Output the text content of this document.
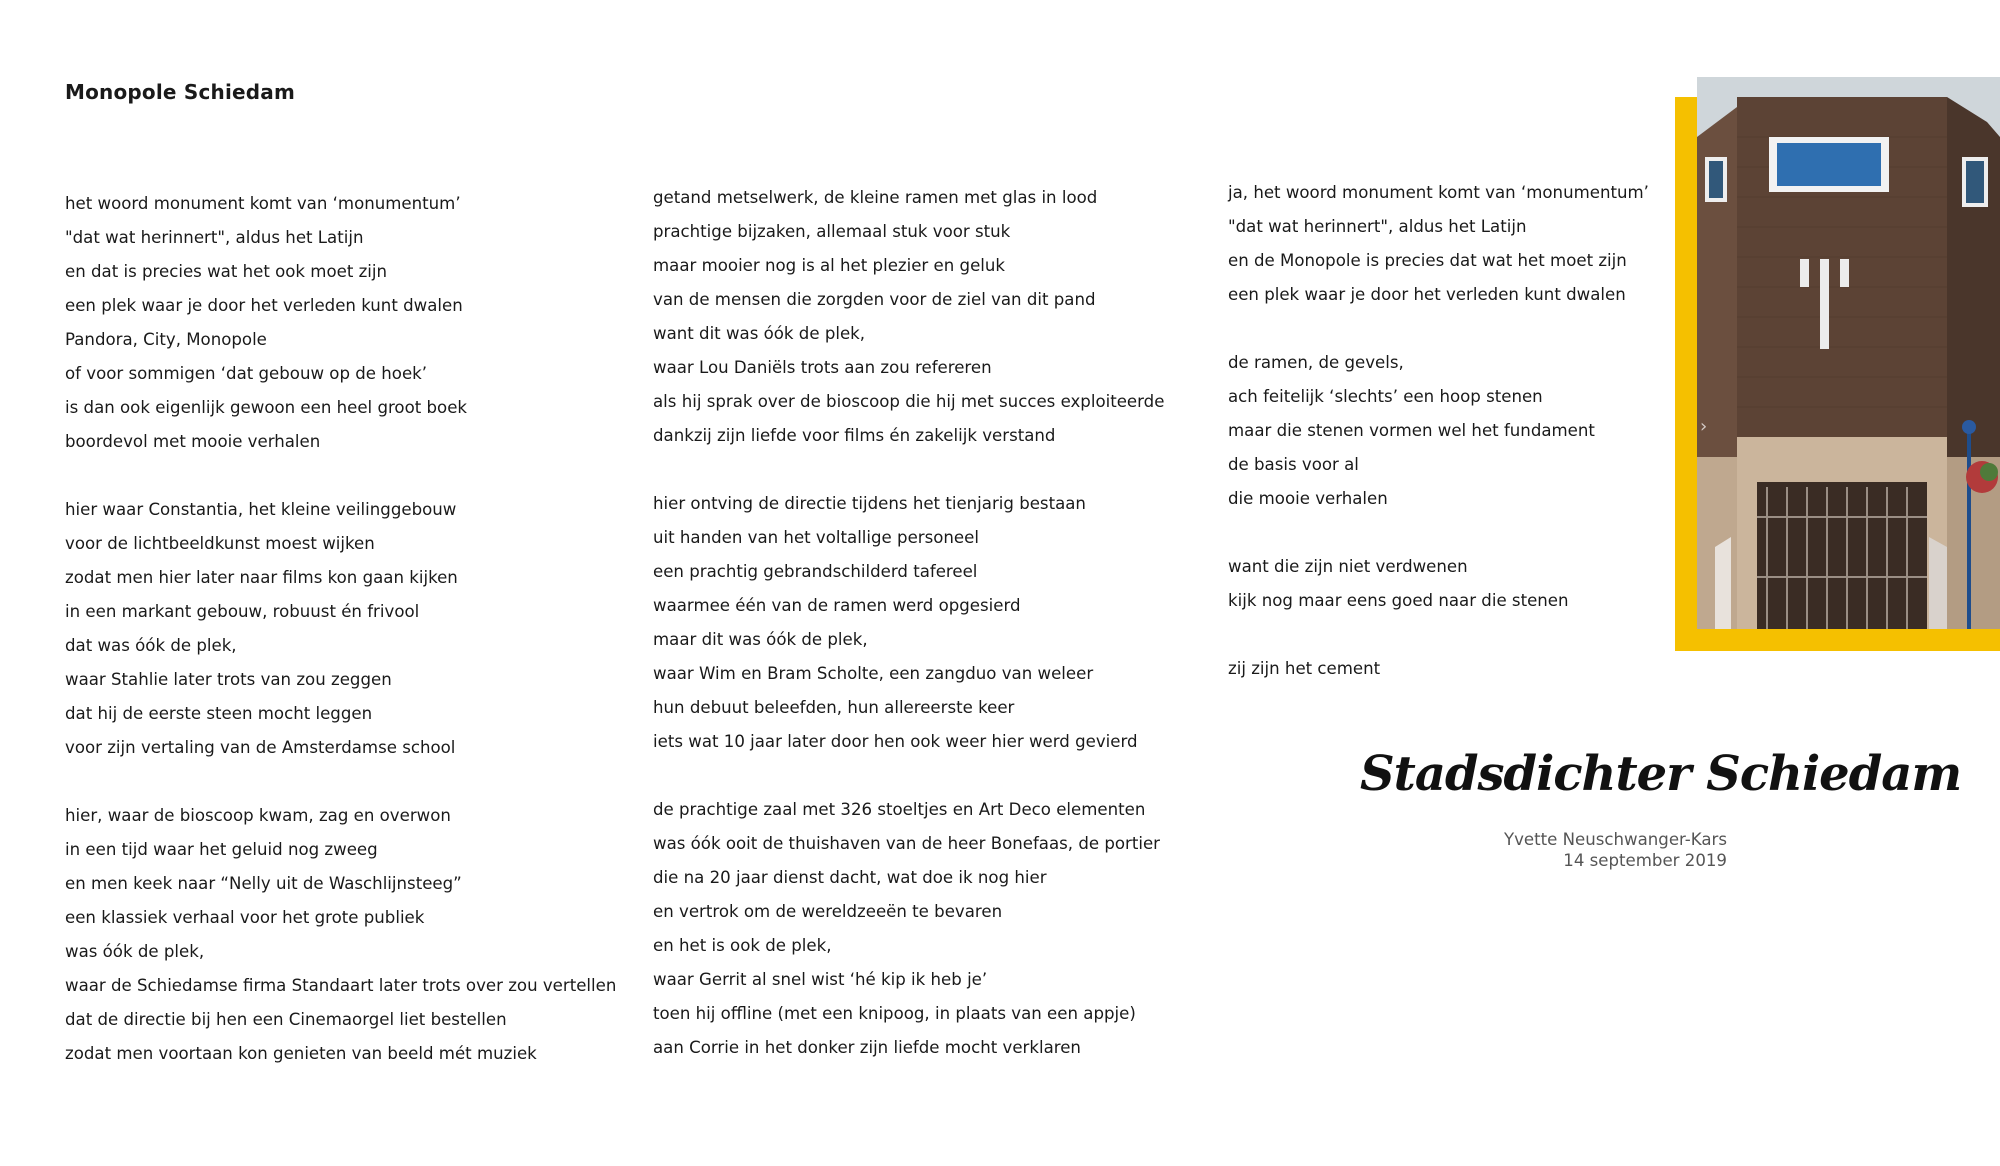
Monopole Schiedam
het woord monument komt van ‘monumentum’
"dat wat herinnert", aldus het Latijn
en dat is precies wat het ook moet zijn
een plek waar je door het verleden kunt dwalen
Pandora, City, Monopole
of voor sommigen ‘dat gebouw op de hoek’
is dan ook eigenlijk gewoon een heel groot boek
boordevol met mooie verhalen
hier waar Constantia, het kleine veilinggebouw
voor de lichtbeeldkunst moest wijken
zodat men hier later naar films kon gaan kijken
in een markant gebouw, robuust én frivool
dat was óók de plek,
waar Stahlie later trots van zou zeggen
dat hij de eerste steen mocht leggen
voor zijn vertaling van de Amsterdamse school
hier, waar de bioscoop kwam, zag en overwon
in een tijd waar het geluid nog zweeg
en men keek naar “Nelly uit de Waschlijnsteeg”
een klassiek verhaal voor het grote publiek
was óók de plek,
waar de Schiedamse firma Standaart later trots over zou vertellen
dat de directie bij hen een Cinemaorgel liet bestellen
zodat men voortaan kon genieten van beeld mét muziek
getand metselwerk, de kleine ramen met glas in lood
prachtige bijzaken, allemaal stuk voor stuk
maar mooier nog is al het plezier en geluk
van de mensen die zorgden voor de ziel van dit pand
want dit was óók de plek,
waar Lou Daniëls trots aan zou refereren
als hij sprak over de bioscoop die hij met succes exploiteerde
dankzij zijn liefde voor films én zakelijk verstand
hier ontving de directie tijdens het tienjarig bestaan
uit handen van het voltallige personeel
een prachtig gebrandschilderd tafereel
waarmee één van de ramen werd opgesierd
maar dit was óók de plek,
waar Wim en Bram Scholte, een zangduo van weleer
hun debuut beleefden, hun allereerste keer
iets wat 10 jaar later door hen ook weer hier werd gevierd
de prachtige zaal met 326 stoeltjes en Art Deco elementen
was óók ooit de thuishaven van de heer Bonefaas, de portier
die na 20 jaar dienst dacht, wat doe ik nog hier
en vertrok om de wereldzeeën te bevaren
en het is ook de plek,
waar Gerrit al snel wist ‘hé kip ik heb je’
toen hij offline (met een knipoog, in plaats van een appje)
aan Corrie in het donker zijn liefde mocht verklaren
ja, het woord monument komt van ‘monumentum’
"dat wat herinnert", aldus het Latijn
en de Monopole is precies dat wat het moet zijn
een plek waar je door het verleden kunt dwalen
de ramen, de gevels,
ach feitelijk ‘slechts’ een hoop stenen
maar die stenen vormen wel het fundament
de basis voor al
die mooie verhalen
want die zijn niet verdwenen
kijk nog maar eens goed naar die stenen
zij zijn het cement
›
Stadsdichter Schiedam
Yvette Neuschwanger-Kars
14 september 2019
